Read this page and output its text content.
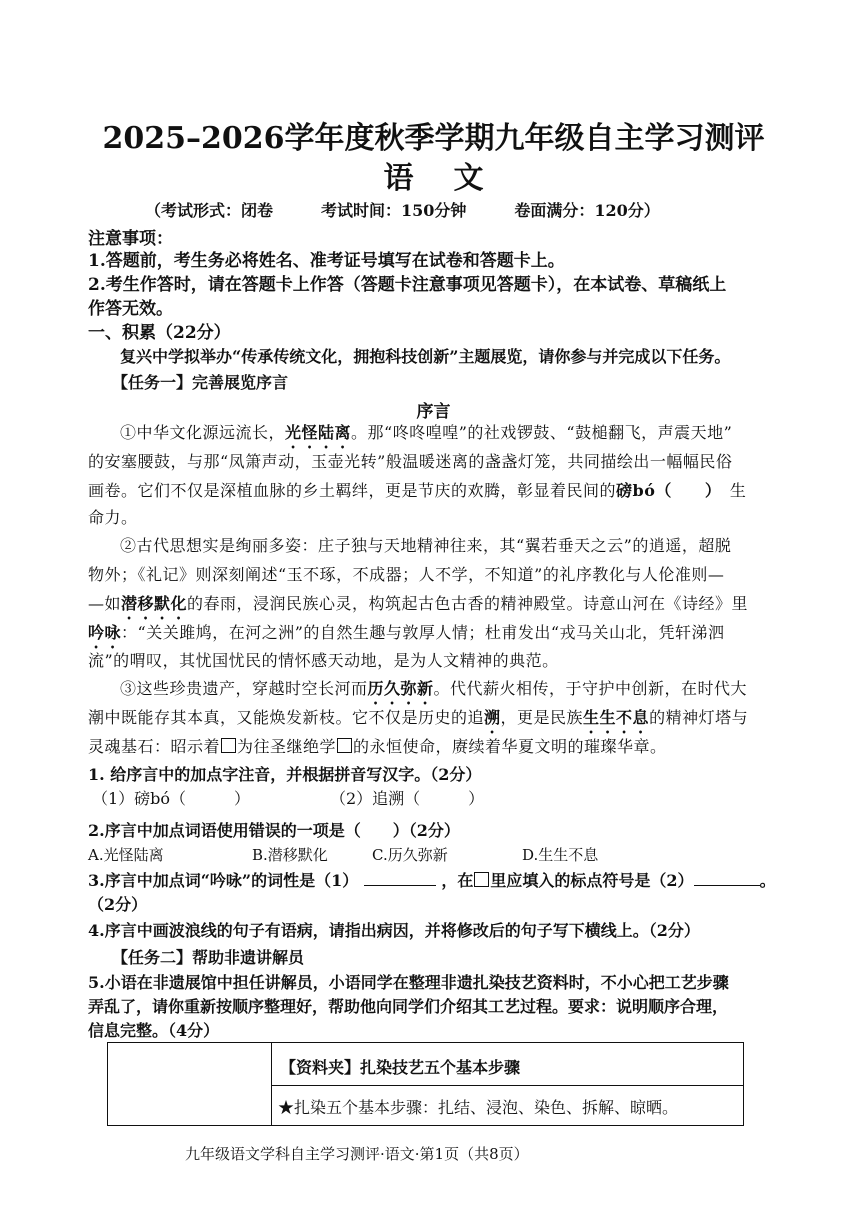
2025–2026学年度秋季学期九年级自主学习测评
语文
（考试形式：闭卷　　　考试时间：150分钟　　　卷面满分：120分）
注意事项：
1.答题前，考生务必将姓名、准考证号填写在试卷和答题卡上。
2.考生作答时，请在答题卡上作答（答题卡注意事项见答题卡），在本试卷、草稿纸上
作答无效。
一、积累（22分）
复兴中学拟举办“传承传统文化，拥抱科技创新”主题展览，请你参与并完成以下任务。
【任务一】完善展览序言
序言
①中华文化源远流长，光怪陆离。那“咚咚喤喤”的社戏锣鼓、“鼓槌翻飞，声震天地”
的安塞腰鼓，与那“凤箫声动，玉壶光转”般温暖迷离的盏盏灯笼，共同描绘出一幅幅民俗
画卷。它们不仅是深植血脉的乡土羁绊，更是节庆的欢腾，彰显着民间的磅bó（　　）　生
命力。
②古代思想实是绚丽多姿：庄子独与天地精神往来，其“翼若垂天之云”的逍遥，超脱
物外；《礼记》则深刻阐述“玉不琢，不成器；人不学，不知道”的礼序教化与人伦准则—
—如潜移默化的春雨，浸润民族心灵，构筑起古色古香的精神殿堂。诗意山河在《诗经》里
吟咏：“关关雎鸠，在河之洲”的自然生趣与敦厚人情；杜甫发出“戎马关山北，凭轩涕泗
流”的喟叹，其忧国忧民的情怀感天动地，是为人文精神的典范。
③这些珍贵遗产，穿越时空长河而历久弥新。代代薪火相传，于守护中创新，在时代大
潮中既能存其本真，又能焕发新枝。它不仅是历史的追溯，更是民族生生不息的精神灯塔与
灵魂基石：昭示着 为往圣继绝学 的永恒使命，赓续着华夏文明的璀璨华章。
1. 给序言中的加点字注音，并根据拼音写汉字。（2分）
（1）磅bó（　　　）	（2）追溯（　　　）
2.序言中加点词语使用错误的一项是（　　）（2分）
A.光怪陆离	B.潜移默化	C.历久弥新	D.生生不息
3.序言中加点词“吟咏”的词性是（1）	，在 里应填入的标点符号是（2）	。
（2分）
4.序言中画波浪线的句子有语病，请指出病因，并将修改后的句子写下横线上。（2分）
【任务二】帮助非遗讲解员
5.小语在非遗展馆中担任讲解员，小语同学在整理非遗扎染技艺资料时，不小心把工艺步骤
弄乱了，请你重新按顺序整理好，帮助他向同学们介绍其工艺过程。要求：说明顺序合理，
信息完整。（4分）
【资料夹】扎染技艺五个基本步骤
★扎染五个基本步骤：扎结、浸泡、染色、拆解、晾晒。
九年级语文学科自主学习测评·语文·第1页（共8页）
